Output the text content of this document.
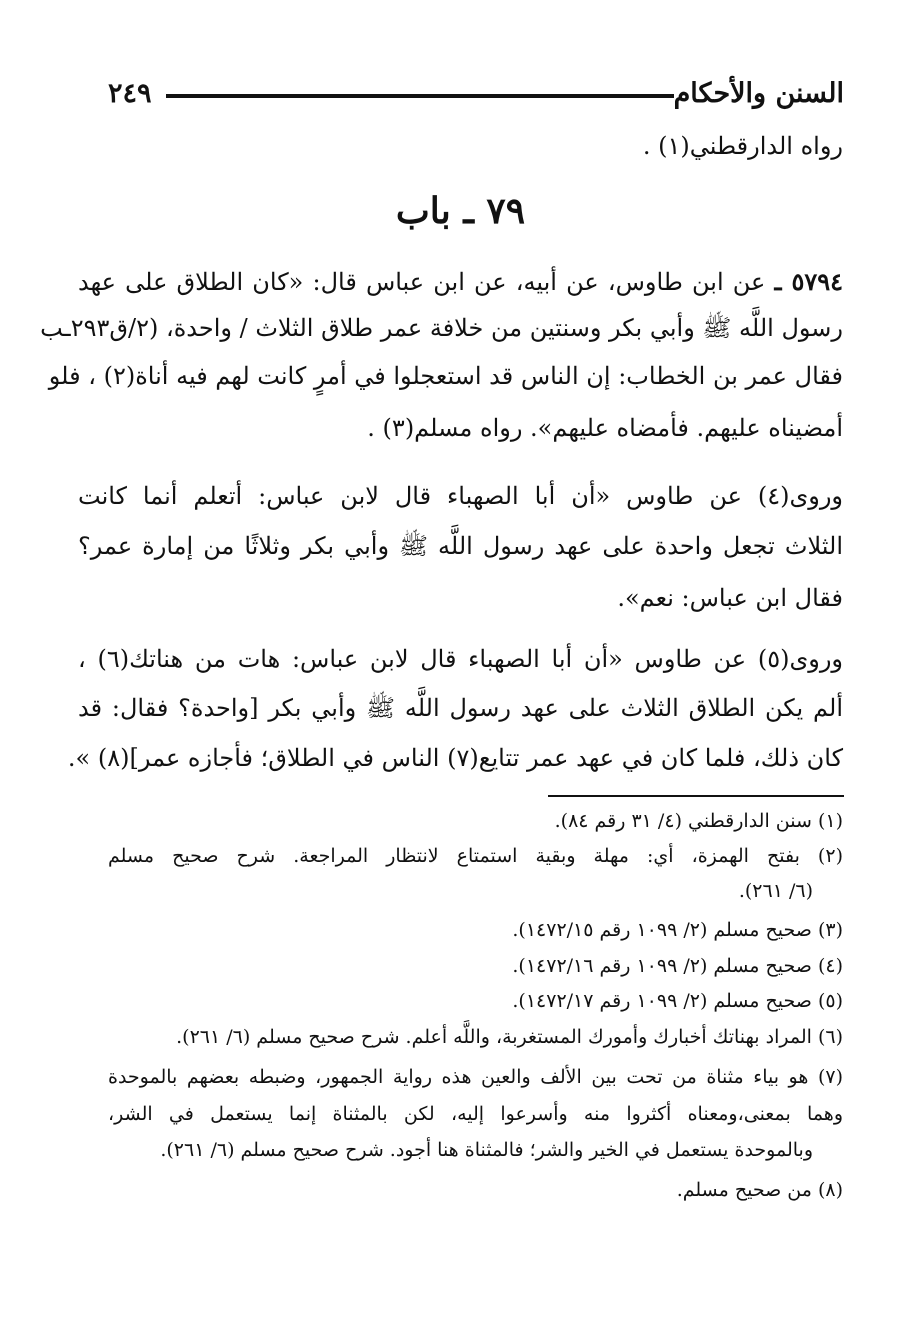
السنن والأحكام
٢٤٩
رواه الدارقطني(١) .
٧٩ ـ باب
٥٧٩٤ ـ عن ابن طاوس، عن أبيه، عن ابن عباس قال: «كان الطلاق على عهد
رسول اللَّه ﷺ وأبي بكر وسنتين من خلافة عمر طلاق الثلاث / واحدة، (٢/ق٢٩٣ـب
فقال عمر بن الخطاب: إن الناس قد استعجلوا في أمرٍ كانت لهم فيه أناة(٢) ، فلو
أمضيناه عليهم. فأمضاه عليهم». رواه مسلم(٣) .
وروى(٤) عن طاوس «أن أبا الصهباء قال لابن عباس: أتعلم أنما كانت
الثلاث تجعل واحدة على عهد رسول اللَّه ﷺ وأبي بكر وثلاثًا من إمارة عمر؟
فقال ابن عباس: نعم».
وروى(٥) عن طاوس «أن أبا الصهباء قال لابن عباس: هات من هناتك(٦) ،
ألم يكن الطلاق الثلاث على عهد رسول اللَّه ﷺ وأبي بكر [واحدة؟ فقال: قد
كان ذلك، فلما كان في عهد عمر تتايع(٧) الناس في الطلاق؛ فأجازه عمر](٨) ».
(١) سنن الدارقطني (٤/ ٣١ رقم ٨٤).
(٢) بفتح الهمزة، أي: مهلة وبقية استمتاع لانتظار المراجعة. شرح صحيح مسلم
(٦/ ٢٦١).
(٣) صحيح مسلم (٢/ ١٠٩٩ رقم ١٤٧٢/١٥).
(٤) صحيح مسلم (٢/ ١٠٩٩ رقم ١٤٧٢/١٦).
(٥) صحيح مسلم (٢/ ١٠٩٩ رقم ١٤٧٢/١٧).
(٦) المراد بهناتك أخبارك وأمورك المستغربة، واللَّه أعلم. شرح صحيح مسلم (٦/ ٢٦١).
(٧) هو بياء مثناة من تحت بين الألف والعين هذه رواية الجمهور، وضبطه بعضهم بالموحدة
وهما بمعنى،ومعناه أكثروا منه وأسرعوا إليه، لكن بالمثناة إنما يستعمل في الشر،
وبالموحدة يستعمل في الخير والشر؛ فالمثناة هنا أجود. شرح صحيح مسلم (٦/ ٢٦١).
(٨) من صحيح مسلم.
